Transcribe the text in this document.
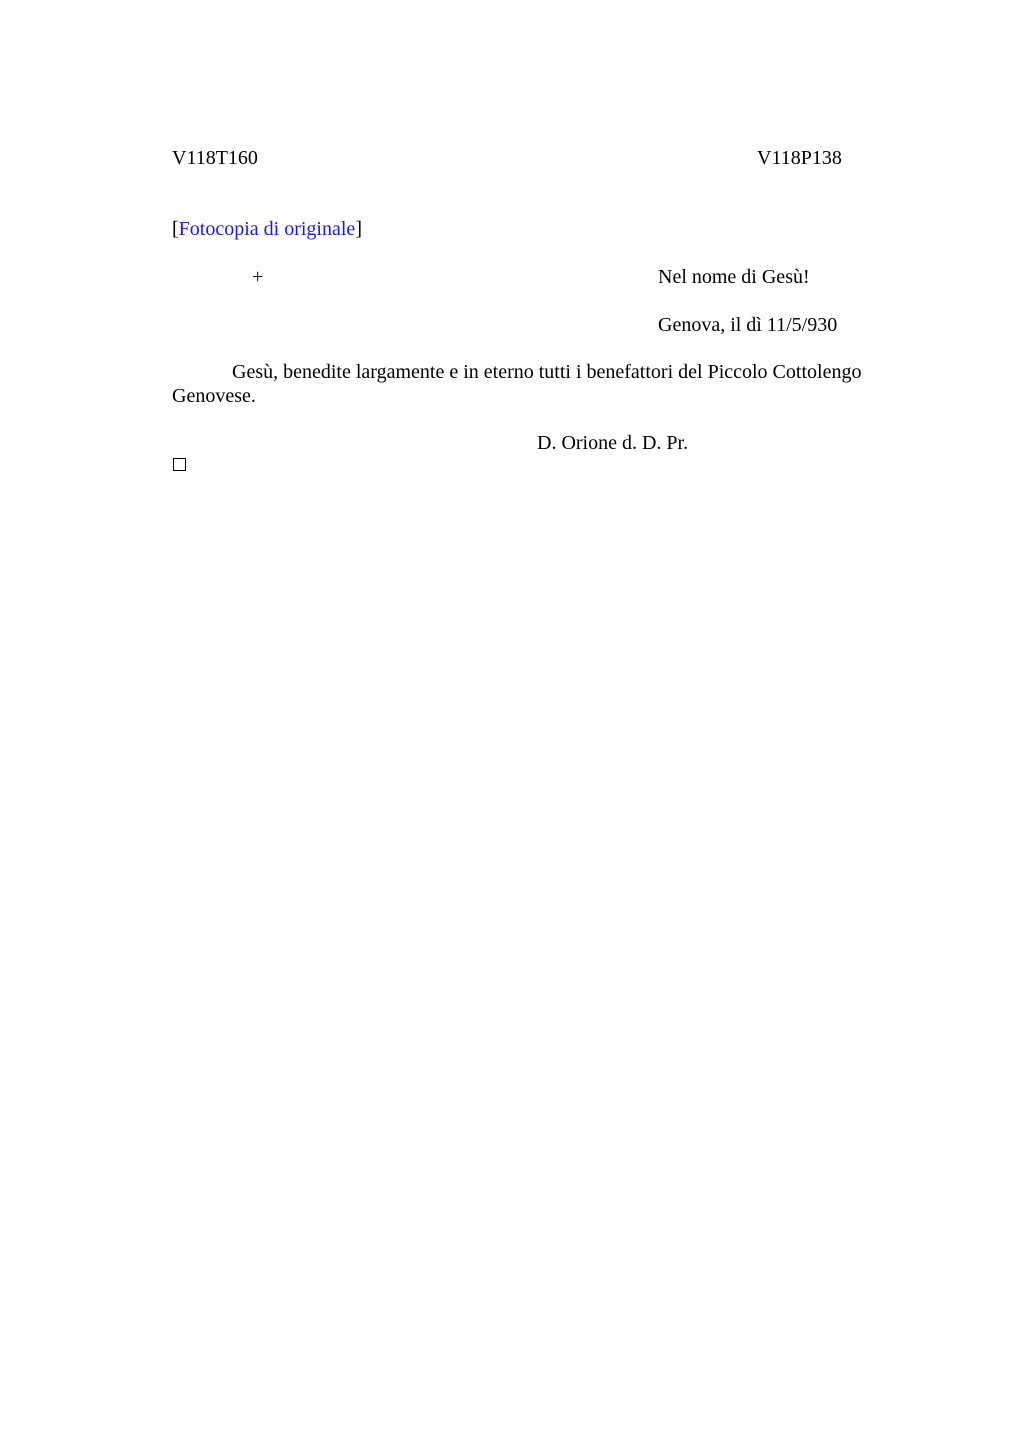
V118T160	V118P138
[Fotocopia di originale]
+	Nel nome di Gesù!
Genova, il dì 11/5/930
Gesù, benedite largamente e in eterno tutti i benefattori del Piccolo Cottolengo Genovese.
D. Orione d. D. Pr.
